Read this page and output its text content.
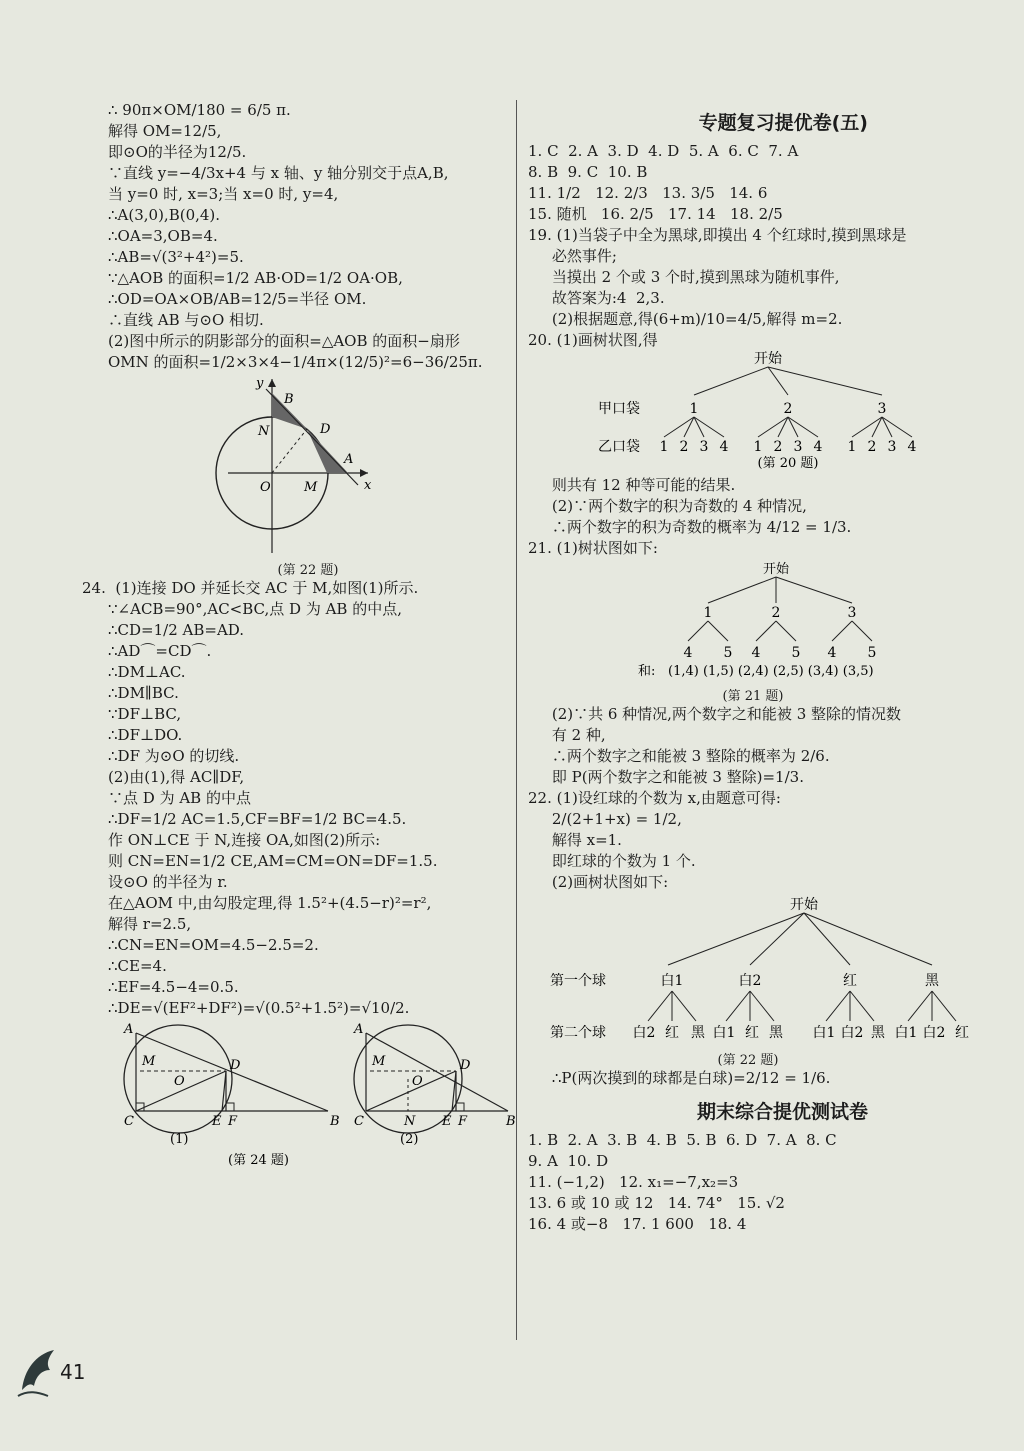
∴ 90π×OM/180 = 6/5 π.
解得 OM=12/5,
即⊙O的半径为12/5.
∵直线 y=−4/3x+4 与 x 轴、y 轴分别交于点A,B,
当 y=0 时, x=3;当 x=0 时, y=4,
∴A(3,0),B(0,4).
∴OA=3,OB=4.
∴AB=√(3²+4²)=5.
∵△AOB 的面积=1/2 AB·OD=1/2 OA·OB,
∴OD=OA×OB/AB=12/5=半径 OM.
∴直线 AB 与⊙O 相切.
(2)图中所示的阴影部分的面积=△AOB 的面积−扇形
OMN 的面积=1/2×3×4−1/4π×(12/5)²=6−36/25π.
y
B
N	D
A
O	M	x
(第 22 题)
24.  (1)连接 DO 并延长交 AC 于 M,如图(1)所示.
∵∠ACB=90°,AC<BC,点 D 为 AB 的中点,
∴CD=1/2 AB=AD.
∴AD⌒=CD⌒.
∴DM⊥AC.
∴DM∥BC.
∵DF⊥BC,
∴DF⊥DO.
∴DF 为⊙O 的切线.
(2)由(1),得 AC∥DF,
∵点 D 为 AB 的中点
∴DF=1/2 AC=1.5,CF=BF=1/2 BC=4.5.
作 ON⊥CE 于 N,连接 OA,如图(2)所示:
则 CN=EN=1/2 CE,AM=CM=ON=DF=1.5.
设⊙O 的半径为 r.
在△AOM 中,由勾股定理,得 1.5²+(4.5−r)²=r²,
解得 r=2.5,
∴CN=EN=OM=4.5−2.5=2.
∴CE=4.
∴EF=4.5−4=0.5.
∴DE=√(EF²+DF²)=√(0.5²+1.5²)=√10/2.
A
M
O
D
C	E F	B
(1)
A
M
O
D
C	N E F	B
(2)
(第 24 题)
专题复习提优卷(五)
1. C  2. A  3. D  4. D  5. A  6. C  7. A
8. B  9. C  10. B
11. 1/2   12. 2/3   13. 3/5   14. 6
15. 随机   16. 2/5   17. 14   18. 2/5
19. (1)当袋子中全为黑球,即摸出 4 个红球时,摸到黑球是
必然事件;
当摸出 2 个或 3 个时,摸到黑球为随机事件,
故答案为:4  2,3.
(2)根据题意,得(6+m)/10=4/5,解得 m=2.
20. (1)画树状图,得
开始
甲口袋	1	2	3
乙口袋 1 2 3 4 1 2 3 4 1 2 3 4
(第 20 题)
则共有 12 种等可能的结果.
(2)∵两个数字的积为奇数的 4 种情况,
∴两个数字的积为奇数的概率为 4/12 = 1/3.
21. (1)树状图如下:
开始
1	2	3
4 5 4 5 4 5
和: (1,4) (1,5) (2,4) (2,5) (3,4) (3,5)
(第 21 题)
(2)∵共 6 种情况,两个数字之和能被 3 整除的情况数
有 2 种,
∴两个数字之和能被 3 整除的概率为 2/6.
即 P(两个数字之和能被 3 整除)=1/3.
22. (1)设红球的个数为 x,由题意可得:
2/(2+1+x) = 1/2,
解得 x=1.
即红球的个数为 1 个.
(2)画树状图如下:
开始
第一个球	白1	白2	红	黑
第二个球 白2 红 黑 白1 红 黑 白1 白2 黑 白1 白2 红
(第 22 题)
∴P(两次摸到的球都是白球)=2/12 = 1/6.
期末综合提优测试卷
1. B  2. A  3. B  4. B  5. B  6. D  7. A  8. C
9. A  10. D
11. (−1,2)   12. x₁=−7,x₂=3
13. 6 或 10 或 12   14. 74°   15. √2
16. 4 或−8   17. 1 600   18. 4
41
